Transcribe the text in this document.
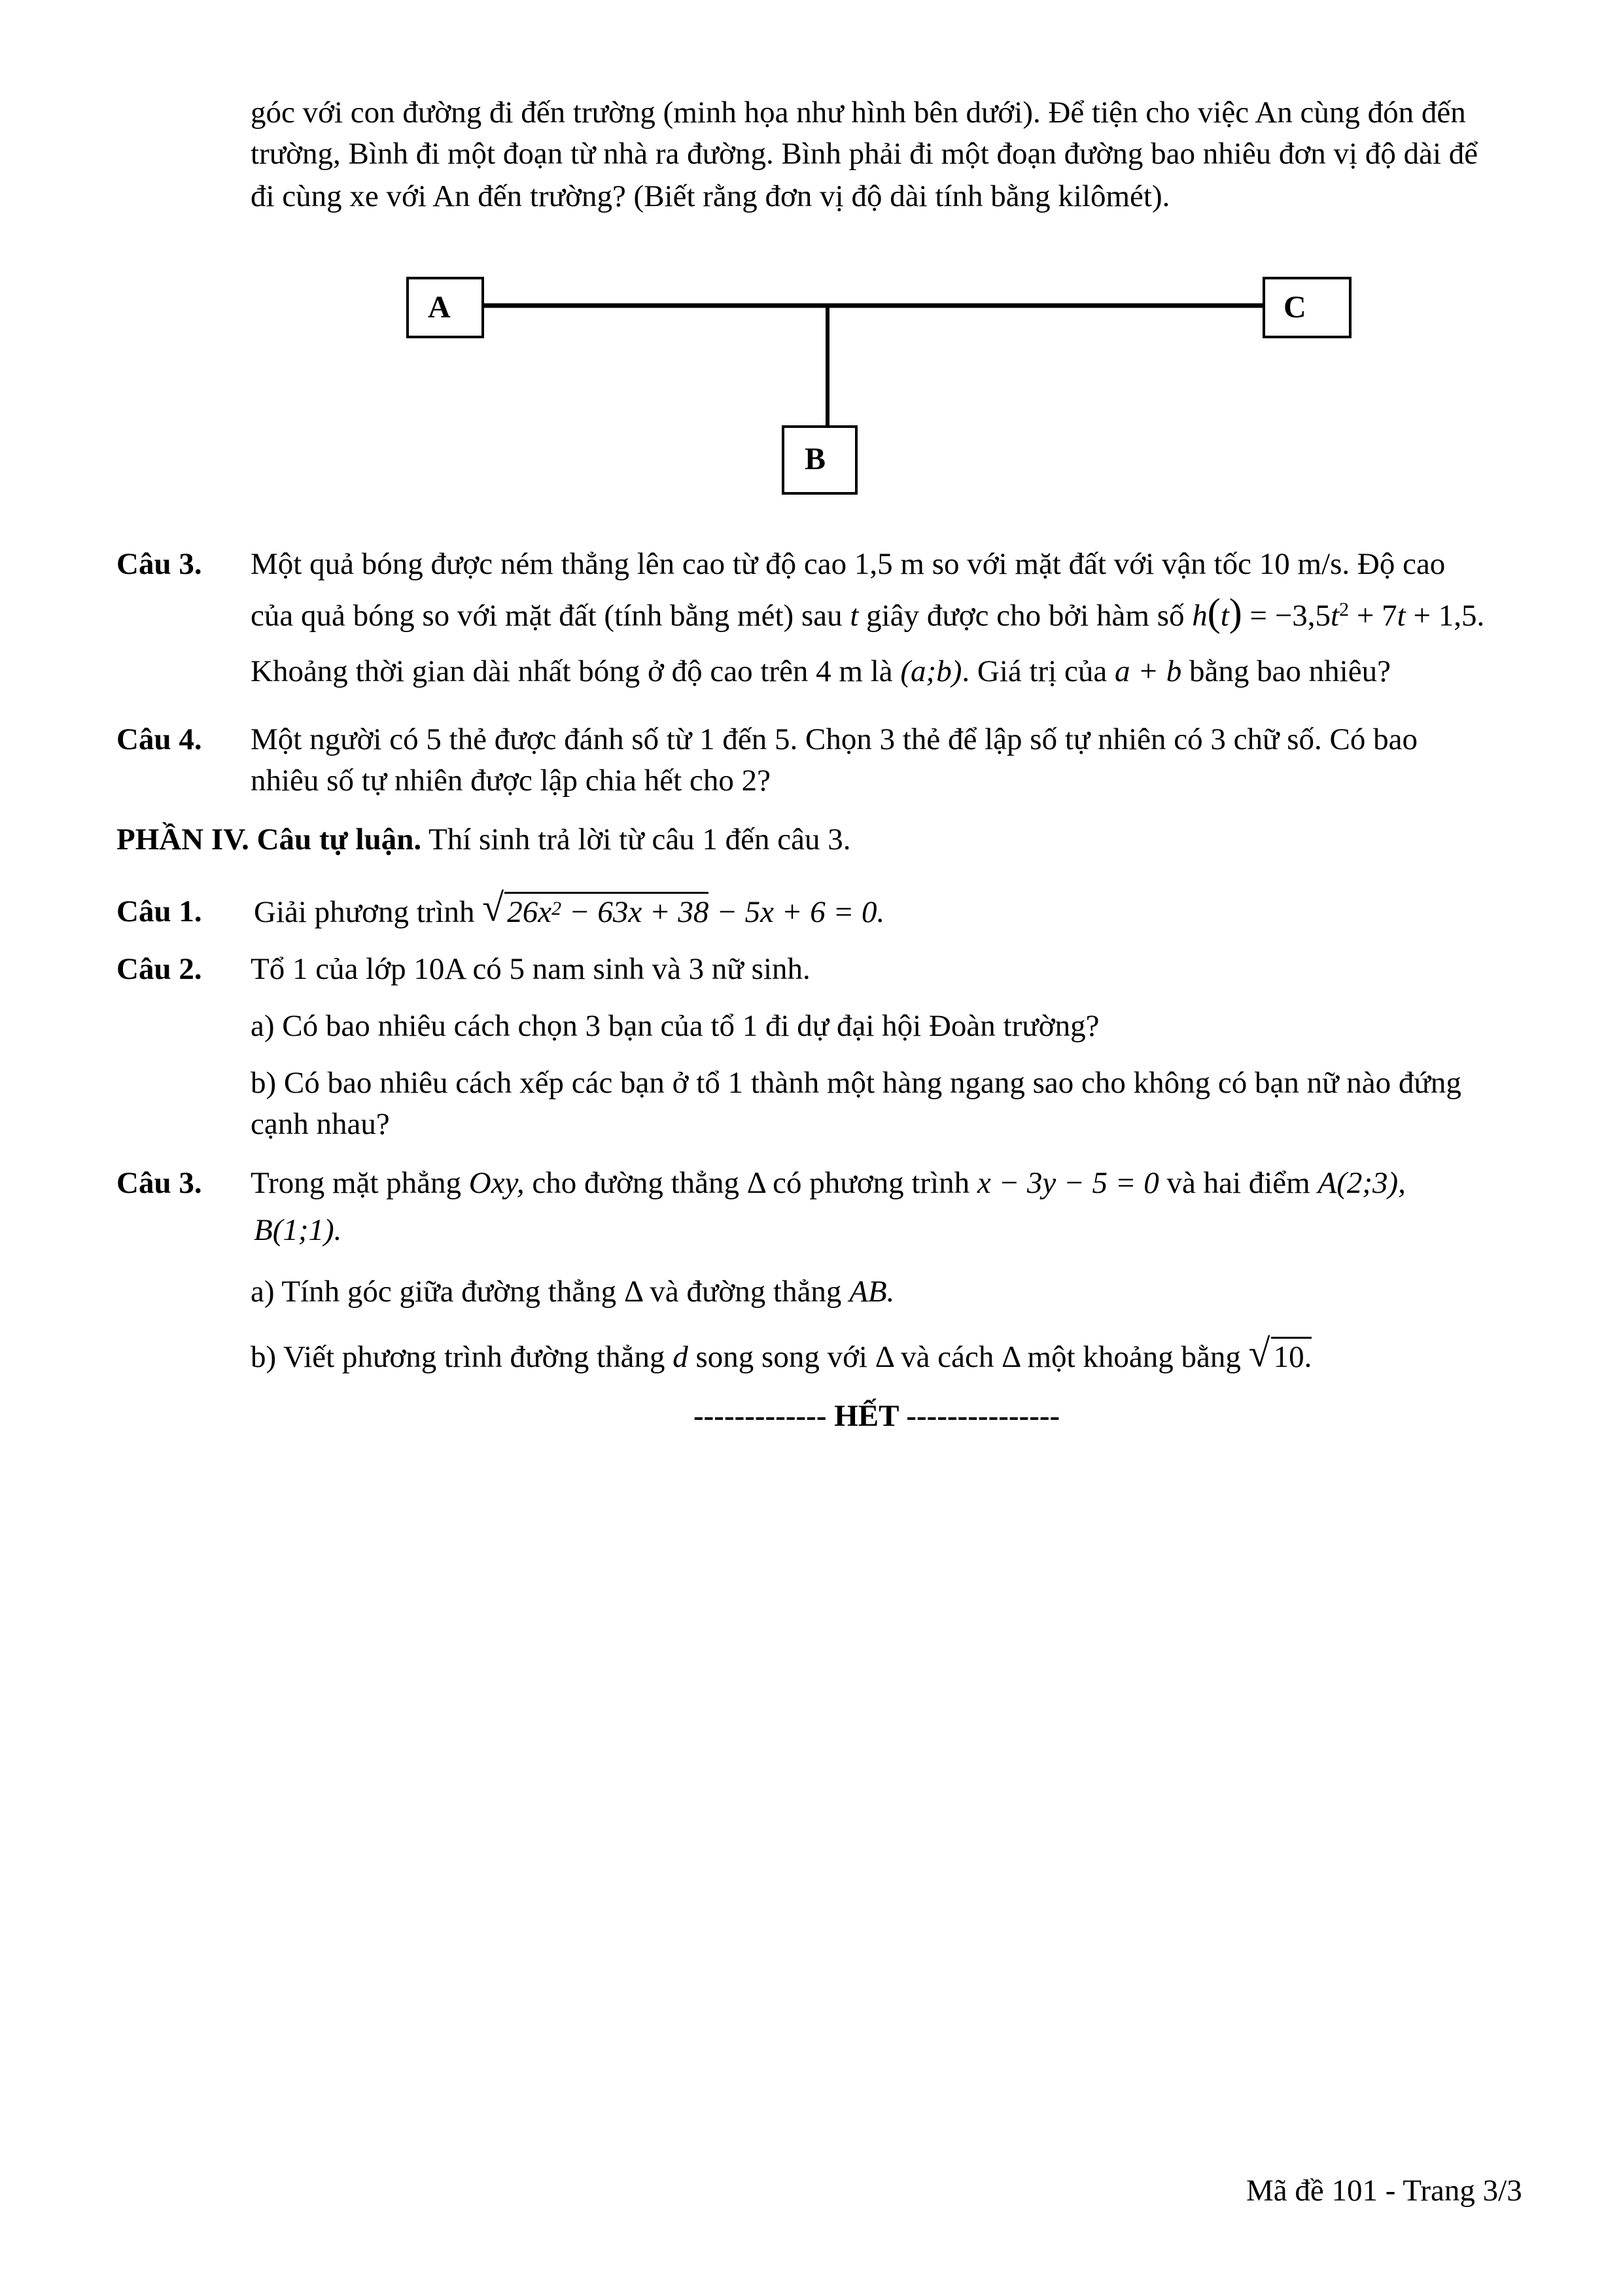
góc với con đường đi đến trường (minh họa như hình bên dưới). Để tiện cho việc An cùng đón đến
trường, Bình đi một đoạn từ nhà ra đường. Bình phải đi một đoạn đường bao nhiêu đơn vị độ dài để
đi cùng xe với An đến trường? (Biết rằng đơn vị độ dài tính bằng kilômét).
A	C
B
Câu 3. Một quả bóng được ném thẳng lên cao từ độ cao 1,5 m so với mặt đất với vận tốc 10 m/s. Độ cao
của quả bóng so với mặt đất (tính bằng mét) sau t giây được cho bởi hàm số $h(t) = -3,5t^2 + 7t + 1,5$.
Khoảng thời gian dài nhất bóng ở độ cao trên 4 m là (a;b). Giá trị của a + b bằng bao nhiêu?
Câu 4. Một người có 5 thẻ được đánh số từ 1 đến 5. Chọn 3 thẻ để lập số tự nhiên có 3 chữ số. Có bao
nhiêu số tự nhiên được lập chia hết cho 2?
PHẦN IV. Câu tự luận. Thí sinh trả lời từ câu 1 đến câu 3.
Câu 1. Giải phương trình √ $26x^2 - 63x + 38 - 5x + 6 = 0$.
Câu 2. Tổ 1 của lớp 10A có 5 nam sinh và 3 nữ sinh.
a) Có bao nhiêu cách chọn 3 bạn của tổ 1 đi dự đại hội Đoàn trường?
b) Có bao nhiêu cách xếp các bạn ở tổ 1 thành một hàng ngang sao cho không có bạn nữ nào đứng
cạnh nhau?
Câu 3. Trong mặt phẳng Oxy, cho đường thẳng Δ có phương trình x − 3y − 5 = 0 và hai điểm A(2;3),
B(1;1).
a) Tính góc giữa đường thẳng Δ và đường thẳng AB.
b) Viết phương trình đường thẳng d song song với Δ và cách Δ một khoảng bằng √ 10.
------------- HẾT ---------------
Mã đề 101 - Trang 3/3
